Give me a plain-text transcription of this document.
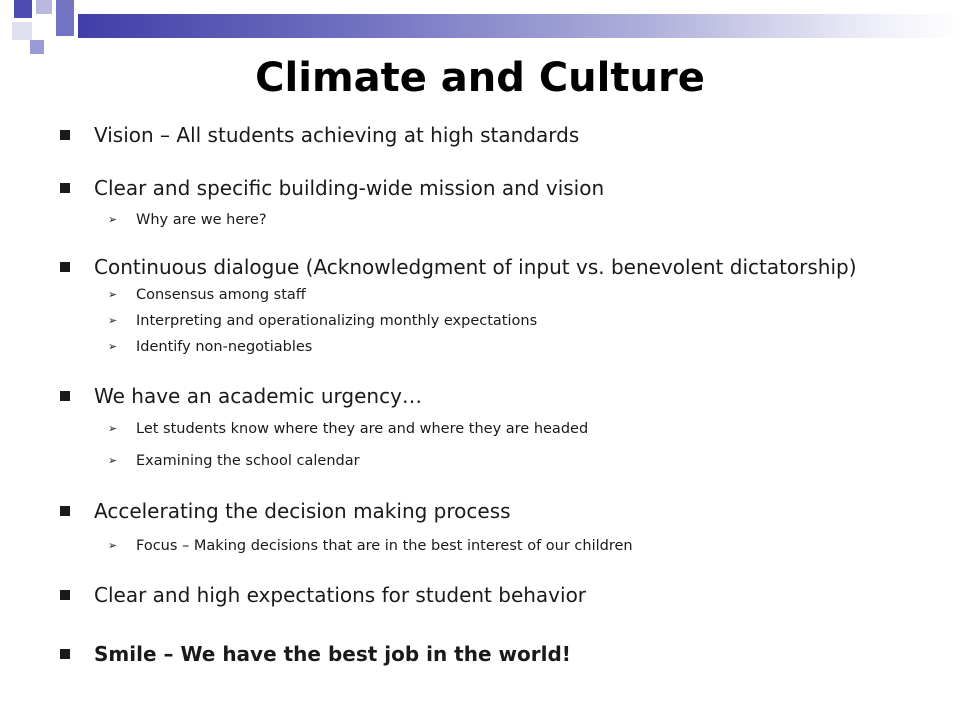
Climate and Culture
Vision – All students achieving at high standards
Clear and specific building-wide mission and vision
➢ Why are we here?
Continuous dialogue (Acknowledgment of input vs. benevolent dictatorship)
➢ Consensus among staff
➢ Interpreting and operationalizing monthly expectations
➢ Identify non-negotiables
We have an academic urgency…
➢ Let students know where they are and where they are headed
➢ Examining the school calendar
Accelerating the decision making process
➢ Focus – Making decisions that are in the best interest of our children
Clear and high expectations for student behavior
Smile – We have the best job in the world!
